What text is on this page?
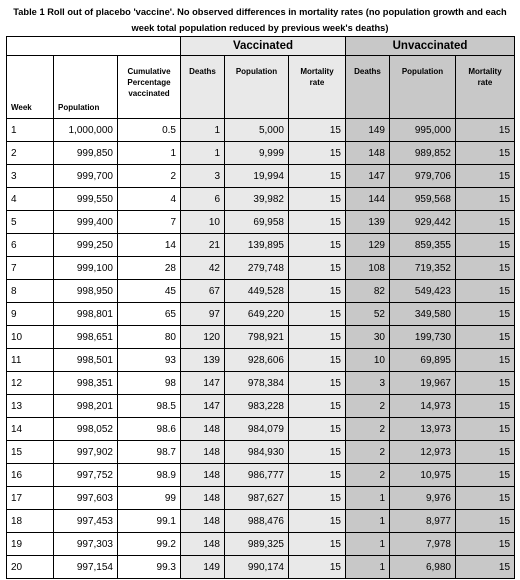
Table 1 Roll out of placebo 'vaccine'. No observed differences in mortality rates (no population growth and each week total population reduced by previous week's deaths)
			Vaccinated			Unvaccinated		
Week	Population	Cumulative Percentage vaccinated	Deaths	Population	Mortality rate	Deaths	Population	Mortality rate
1	1,000,000	0.5	1	5,000	15	149	995,000	15
2	999,850	1	1	9,999	15	148	989,852	15
3	999,700	2	3	19,994	15	147	979,706	15
4	999,550	4	6	39,982	15	144	959,568	15
5	999,400	7	10	69,958	15	139	929,442	15
6	999,250	14	21	139,895	15	129	859,355	15
7	999,100	28	42	279,748	15	108	719,352	15
8	998,950	45	67	449,528	15	82	549,423	15
9	998,801	65	97	649,220	15	52	349,580	15
10	998,651	80	120	798,921	15	30	199,730	15
11	998,501	93	139	928,606	15	10	69,895	15
12	998,351	98	147	978,384	15	3	19,967	15
13	998,201	98.5	147	983,228	15	2	14,973	15
14	998,052	98.6	148	984,079	15	2	13,973	15
15	997,902	98.7	148	984,930	15	2	12,973	15
16	997,752	98.9	148	986,777	15	2	10,975	15
17	997,603	99	148	987,627	15	1	9,976	15
18	997,453	99.1	148	988,476	15	1	8,977	15
19	997,303	99.2	148	989,325	15	1	7,978	15
20	997,154	99.3	149	990,174	15	1	6,980	15
